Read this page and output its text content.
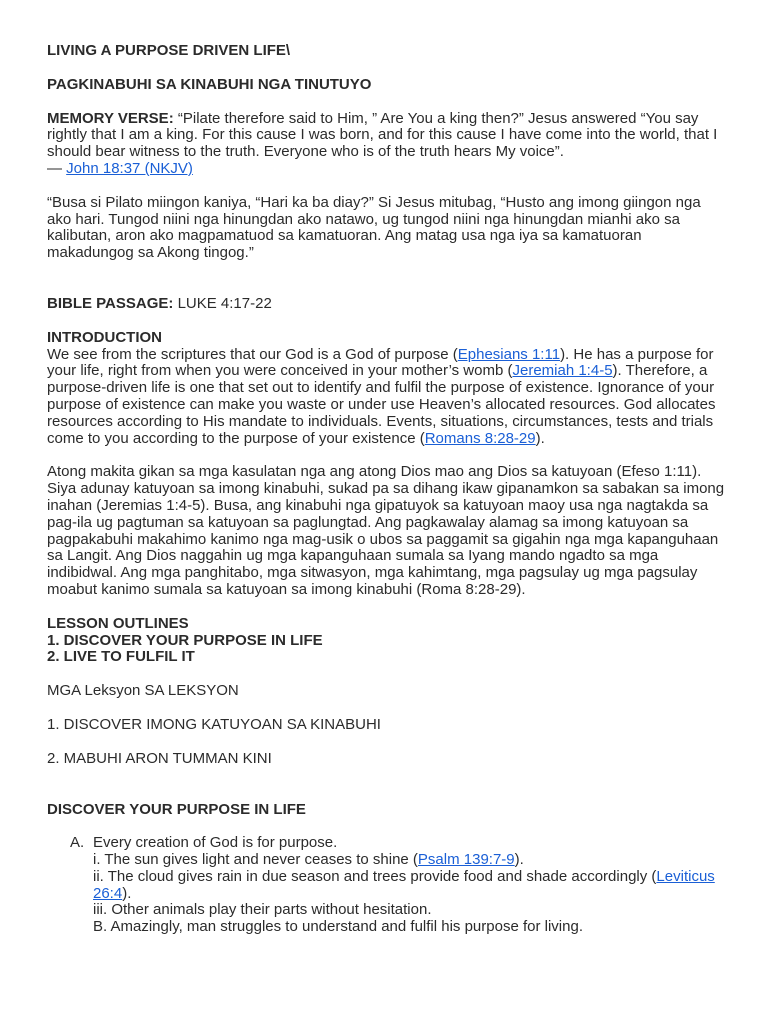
LIVING A PURPOSE DRIVEN LIFE\

PAGKINABUHI SA KINABUHI NGA TINUTUYO

MEMORY VERSE: “Pilate therefore said to Him, ” Are You a king then?” Jesus answered “You say rightly that I am a king. For this cause I was born, and for this cause I have come into the world, that I should bear witness to the truth. Everyone who is of the truth hears My voice”.
— John 18:37 (NKJV)

“Busa si Pilato miingon kaniya, “Hari ka ba diay?” Si Jesus mitubag, “Husto ang imong giingon nga ako hari. Tungod niini nga hinungdan ako natawo, ug tungod niini nga hinungdan mianhi ako sa kalibutan, aron ako magpamatuod sa kamatuoran. Ang matag usa nga iya sa kamatuoran makadungog sa Akong tingog.”

BIBLE PASSAGE: LUKE 4:17-22

INTRODUCTION

We see from the scriptures that our God is a God of purpose (Ephesians 1:11). He has a purpose for your life, right from when you were conceived in your mother’s womb (Jeremiah 1:4-5). Therefore, a purpose-driven life is one that set out to identify and fulfil the purpose of existence. Ignorance of your purpose of existence can make you waste or under use Heaven’s allocated resources. God allocates resources according to His mandate to individuals. Events, situations, circumstances, tests and trials come to you according to the purpose of your existence (Romans 8:28-29).

Atong makita gikan sa mga kasulatan nga ang atong Dios mao ang Dios sa katuyoan (Efeso 1:11). Siya adunay katuyoan sa imong kinabuhi, sukad pa sa dihang ikaw gipanamkon sa sabakan sa imong inahan (Jeremias 1:4-5). Busa, ang kinabuhi nga gipatuyok sa katuyoan maoy usa nga nagtakda sa pag-ila ug pagtuman sa katuyoan sa paglungtad. Ang pagkawalay alamag sa imong katuyoan sa pagpakabuhi makahimo kanimo nga mag-usik o ubos sa paggamit sa gigahin nga mga kapanguhaan sa Langit. Ang Dios naggahin ug mga kapanguhaan sumala sa Iyang mando ngadto sa mga indibidwal. Ang mga panghitabo, mga sitwasyon, mga kahimtang, mga pagsulay ug mga pagsulay moabut kanimo sumala sa katuyoan sa imong kinabuhi (Roma 8:28-29).

LESSON OUTLINES

1. DISCOVER YOUR PURPOSE IN LIFE

2. LIVE TO FULFIL IT

MGA Leksyon SA LEKSYON

1. DISCOVER IMONG KATUYOAN SA KINABUHI

2. MABUHI ARON TUMMAN KINI

DISCOVER YOUR PURPOSE IN LIFE

A. Every creation of God is for purpose.

i. The sun gives light and never ceases to shine (Psalm 139:7-9).

ii. The cloud gives rain in due season and trees provide food and shade accordingly (Leviticus 26:4).

iii. Other animals play their parts without hesitation.

B. Amazingly, man struggles to understand and fulfil his purpose for living.
